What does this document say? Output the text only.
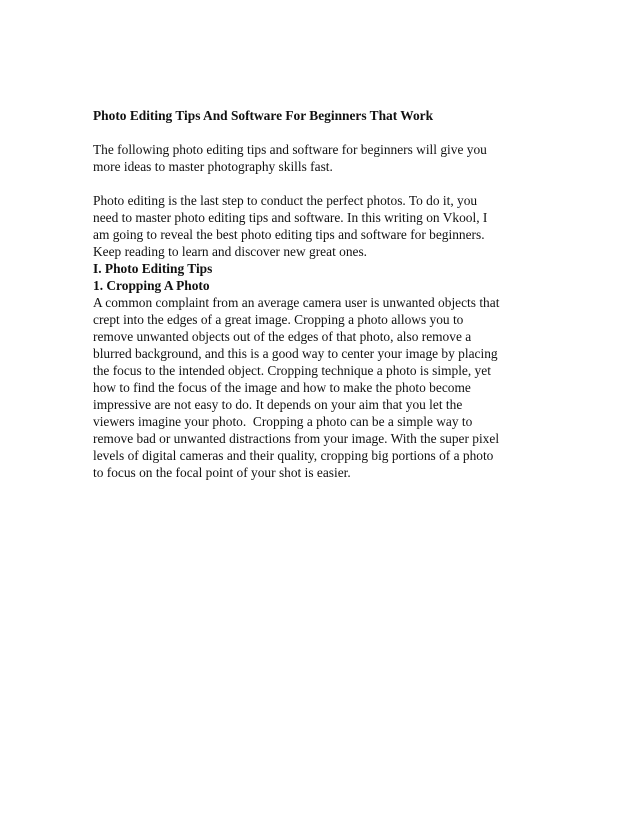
Photo Editing Tips And Software For Beginners That Work

The following photo editing tips and software for beginners will give you
more ideas to master photography skills fast.

Photo editing is the last step to conduct the perfect photos. To do it, you
need to master photo editing tips and software. In this writing on Vkool, I
am going to reveal the best photo editing tips and software for beginners.
Keep reading to learn and discover new great ones.

I. Photo Editing Tips
1. Cropping A Photo

A common complaint from an average camera user is unwanted objects that
crept into the edges of a great image. Cropping a photo allows you to
remove unwanted objects out of the edges of that photo, also remove a
blurred background, and this is a good way to center your image by placing
the focus to the intended object. Cropping technique a photo is simple, yet
how to find the focus of the image and how to make the photo become
impressive are not easy to do. It depends on your aim that you let the
viewers imagine your photo.  Cropping a photo can be a simple way to
remove bad or unwanted distractions from your image. With the super pixel
levels of digital cameras and their quality, cropping big portions of a photo
to focus on the focal point of your shot is easier.
